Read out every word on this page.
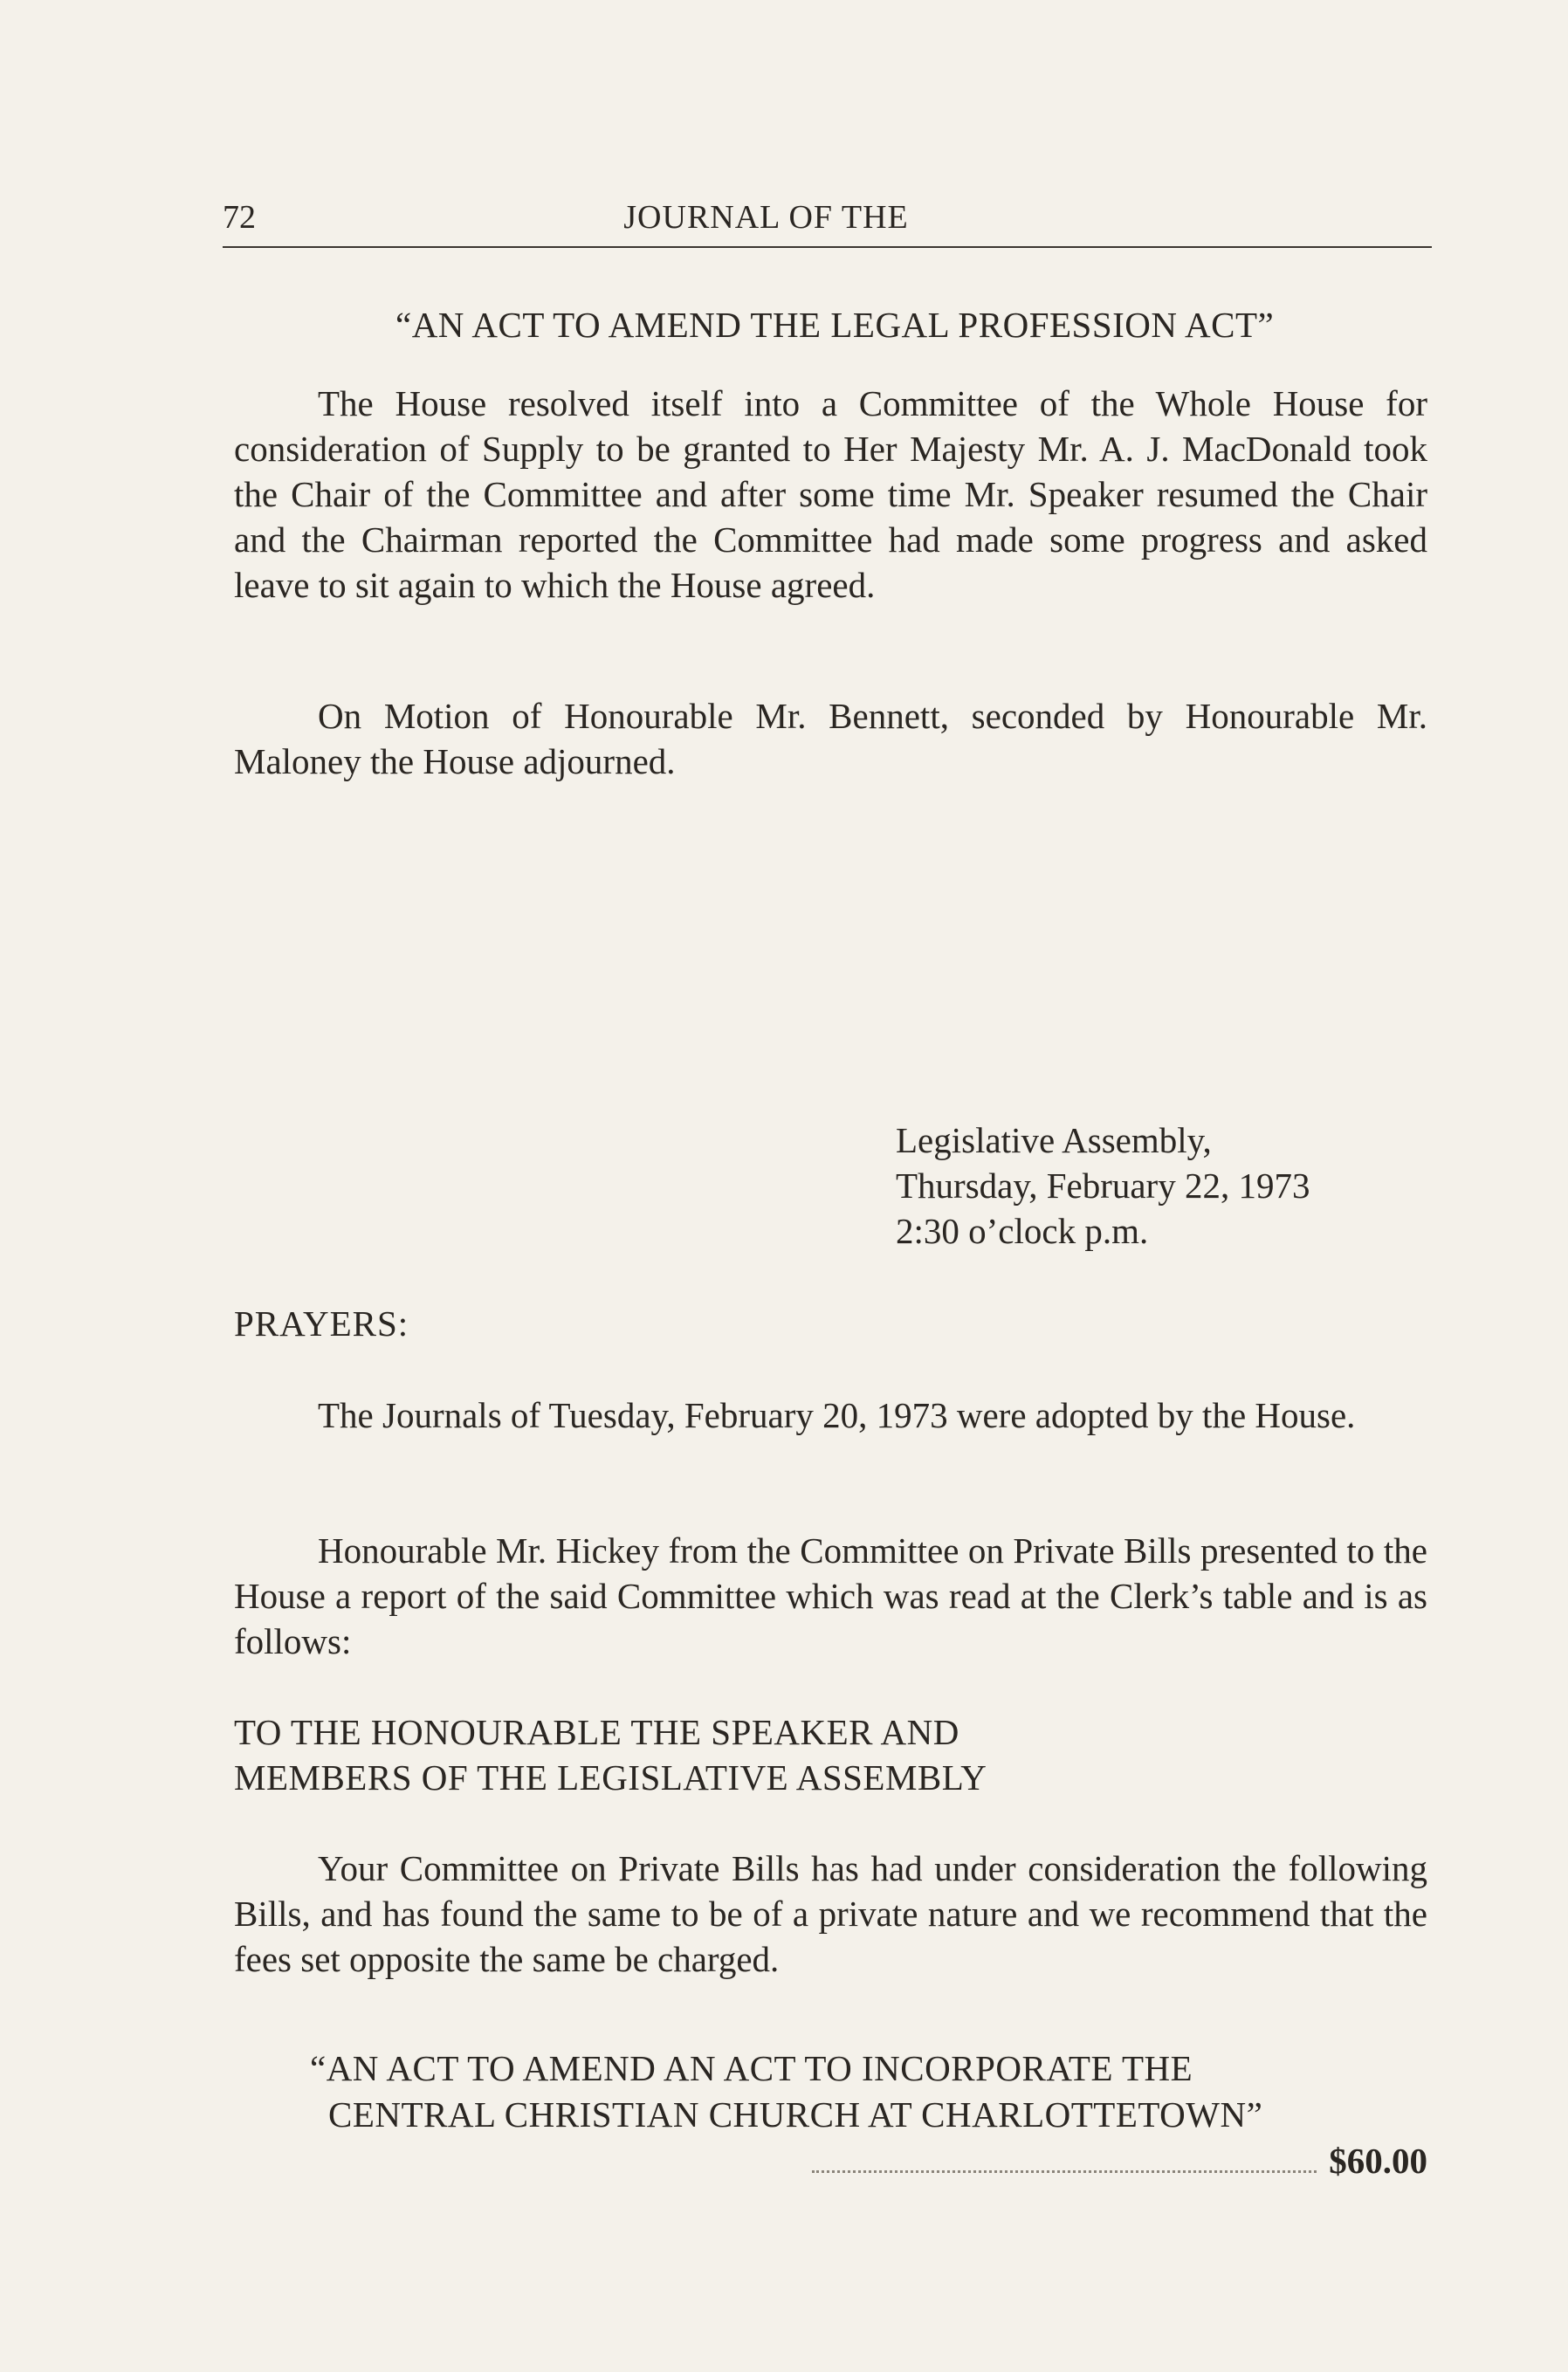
72	JOURNAL OF THE
“AN ACT TO AMEND THE LEGAL PROFESSION ACT”

The House resolved itself into a Committee of the Whole House for consideration of Supply to be granted to Her Majesty Mr. A. J. MacDonald took the Chair of the Committee and after some time Mr. Speaker resumed the Chair and the Chairman reported the Committee had made some progress and asked leave to sit again to which the House agreed.

On Motion of Honourable Mr. Bennett, seconded by Honourable Mr. Maloney the House adjourned.

Legislative Assembly,
Thursday, February 22, 1973
2:30 o’clock p.m.
PRAYERS:

The Journals of Tuesday, February 20, 1973 were adopted by the House.

Honourable Mr. Hickey from the Committee on Private Bills presented to the House a report of the said Committee which was read at the Clerk’s table and is as follows:

TO THE HONOURABLE THE SPEAKER AND
MEMBERS OF THE LEGISLATIVE ASSEMBLY

Your Committee on Private Bills has had under consideration the following Bills, and has found the same to be of a private nature and we recommend that the fees set opposite the same be charged.

“AN ACT TO AMEND AN ACT TO INCORPORATE THE
CENTRAL CHRISTIAN CHURCH AT CHARLOTTETOWN”
$60.00
